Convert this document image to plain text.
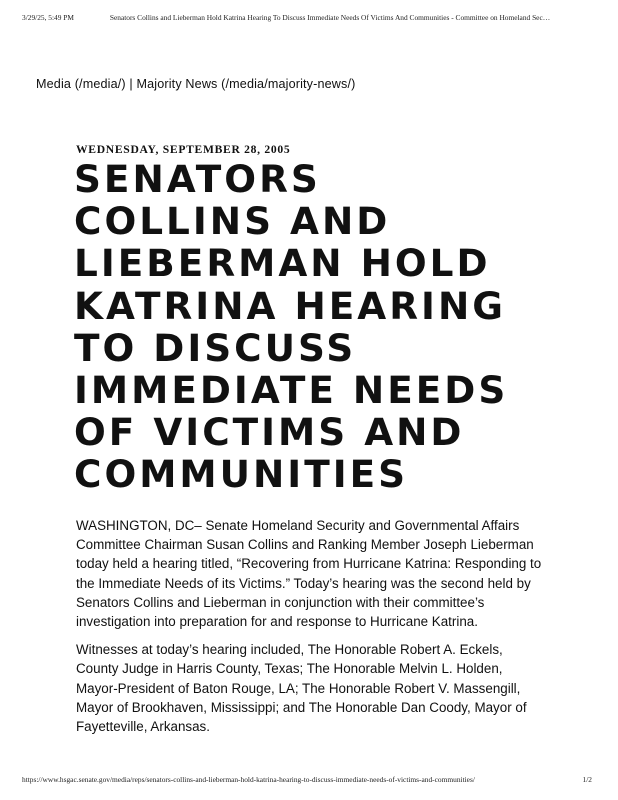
3/29/25, 5:49 PM	Senators Collins and Lieberman Hold Katrina Hearing To Discuss Immediate Needs Of Victims And Communities - Committee on Homeland Sec…
Media (/media/) | Majority News (/media/majority-news/)
WEDNESDAY, SEPTEMBER 28, 2005
SENATORS
COLLINS AND
LIEBERMAN HOLD
KATRINA HEARING
TO DISCUSS
IMMEDIATE NEEDS
OF VICTIMS AND
COMMUNITIES

WASHINGTON, DC– Senate Homeland Security and Governmental Affairs Committee Chairman Susan Collins and Ranking Member Joseph Lieberman today held a hearing titled, “Recovering from Hurricane Katrina: Responding to the Immediate Needs of its Victims.” Today’s hearing was the second held by Senators Collins and Lieberman in conjunction with their committee’s investigation into preparation for and response to Hurricane Katrina.

Witnesses at today’s hearing included, The Honorable Robert A. Eckels, County Judge in Harris County, Texas; The Honorable Melvin L. Holden, Mayor-President of Baton Rouge, LA; The Honorable Robert V. Massengill, Mayor of Brookhaven, Mississippi; and The Honorable Dan Coody, Mayor of Fayetteville, Arkansas.

https://www.hsgac.senate.gov/media/reps/senators-collins-and-lieberman-hold-katrina-hearing-to-discuss-immediate-needs-of-victims-and-communities/	1/2
